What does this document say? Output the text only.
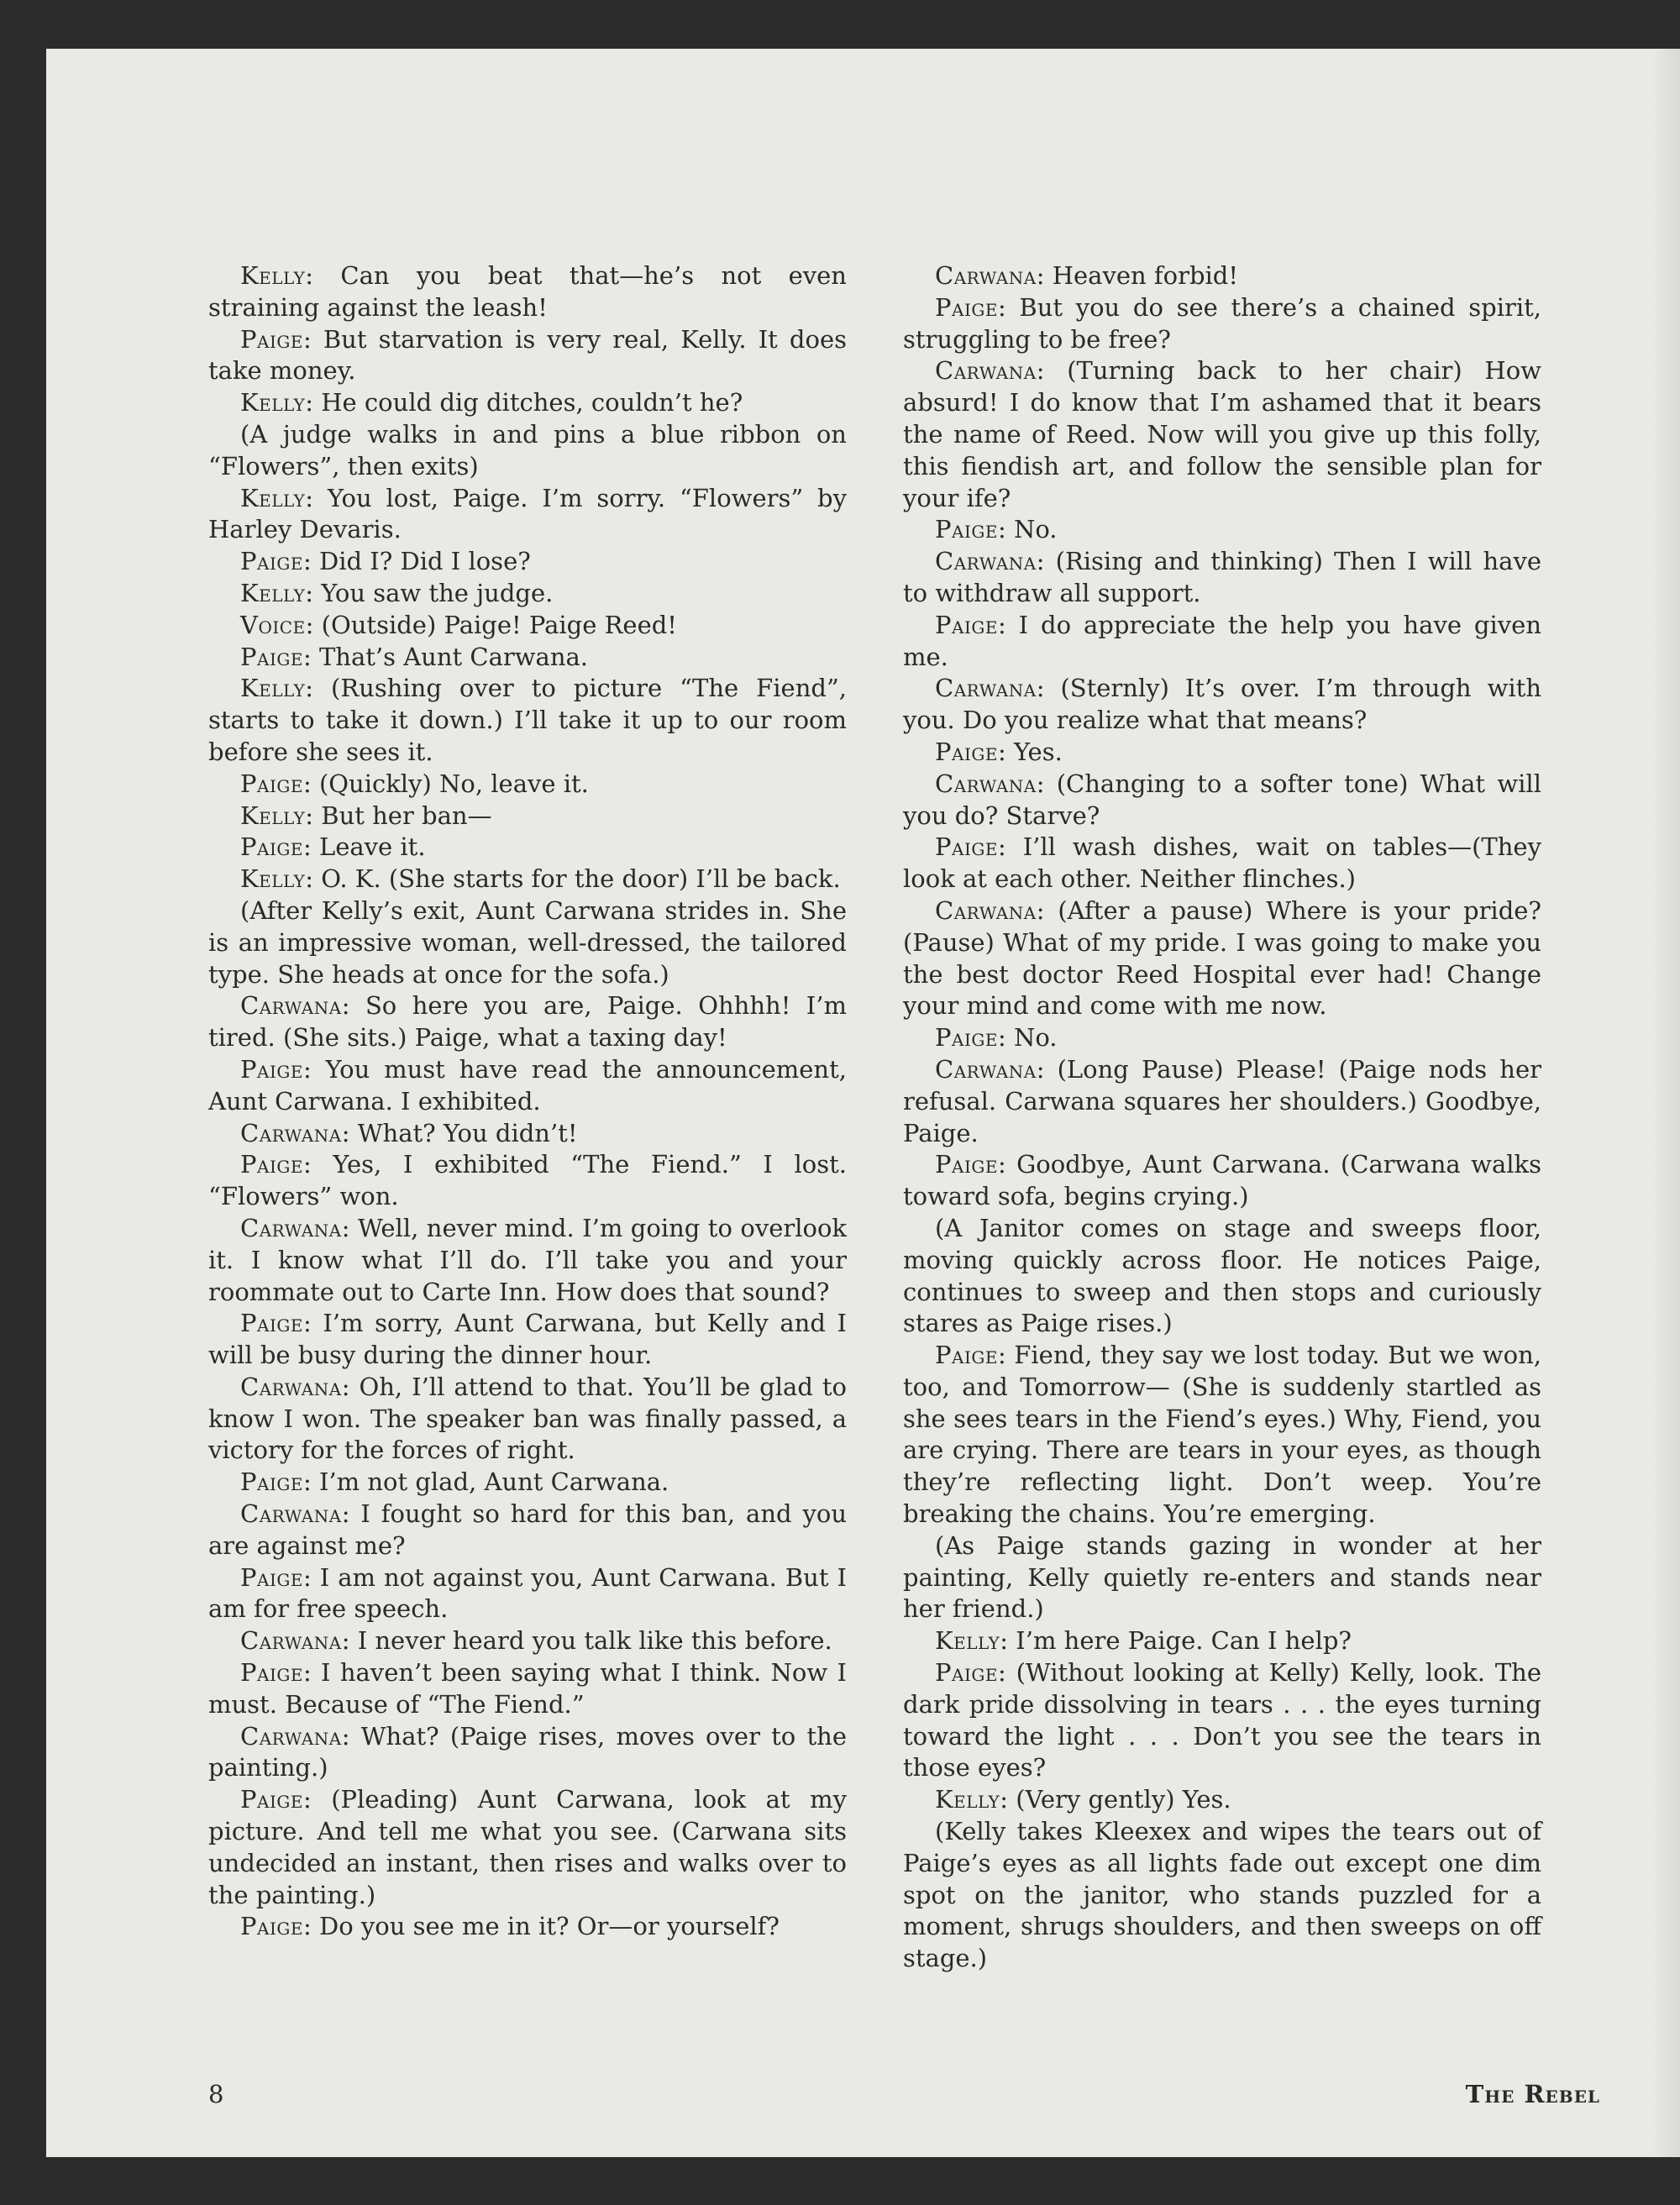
Kelly: Can you beat that—he’s not even straining against the leash!

Paige: But starvation is very real, Kelly. It does take money.

Kelly: He could dig ditches, couldn’t he?

(A judge walks in and pins a blue ribbon on “Flowers”, then exits)

Kelly: You lost, Paige. I’m sorry. “Flowers” by Harley Devaris.

Paige: Did I? Did I lose?

Kelly: You saw the judge.

Voice: (Outside) Paige! Paige Reed!

Paige: That’s Aunt Carwana.

Kelly: (Rushing over to picture “The Fiend”, starts to take it down.) I’ll take it up to our room before she sees it.

Paige: (Quickly) No, leave it.

Kelly: But her ban—

Paige: Leave it.

Kelly: O. K. (She starts for the door) I’ll be back.

(After Kelly’s exit, Aunt Carwana strides in. She is an impressive woman, well-dressed, the tailored type. She heads at once for the sofa.)

Carwana: So here you are, Paige. Ohhhh! I’m tired. (She sits.) Paige, what a taxing day!

Paige: You must have read the announcement, Aunt Carwana. I exhibited.

Carwana: What? You didn’t!

Paige: Yes, I exhibited “The Fiend.” I lost. “Flowers” won.

Carwana: Well, never mind. I’m going to overlook it. I know what I’ll do. I’ll take you and your roommate out to Carte Inn. How does that sound?

Paige: I’m sorry, Aunt Carwana, but Kelly and I will be busy during the dinner hour.

Carwana: Oh, I’ll attend to that. You’ll be glad to know I won. The speaker ban was finally passed, a victory for the forces of right.

Paige: I’m not glad, Aunt Carwana.

Carwana: I fought so hard for this ban, and you are against me?

Paige: I am not against you, Aunt Carwana. But I am for free speech.

Carwana: I never heard you talk like this before.

Paige: I haven’t been saying what I think. Now I must. Because of “The Fiend.”

Carwana: What? (Paige rises, moves over to the painting.)

Paige: (Pleading) Aunt Carwana, look at my picture. And tell me what you see. (Carwana sits undecided an instant, then rises and walks over to the painting.)

Paige: Do you see me in it? Or—or yourself?

Carwana: Heaven forbid!

Paige: But you do see there’s a chained spirit, struggling to be free?

Carwana: (Turning back to her chair) How absurd! I do know that I’m ashamed that it bears the name of Reed. Now will you give up this folly, this fiendish art, and follow the sensible plan for your ife?

Paige: No.

Carwana: (Rising and thinking) Then I will have to withdraw all support.

Paige: I do appreciate the help you have given me.

Carwana: (Sternly) It’s over. I’m through with you. Do you realize what that means?

Paige: Yes.

Carwana: (Changing to a softer tone) What will you do? Starve?

Paige: I’ll wash dishes, wait on tables—(They look at each other. Neither flinches.)

Carwana: (After a pause) Where is your pride? (Pause) What of my pride. I was going to make you the best doctor Reed Hospital ever had! Change your mind and come with me now.

Paige: No.

Carwana: (Long Pause) Please! (Paige nods her refusal. Carwana squares her shoulders.) Goodbye, Paige.

Paige: Goodbye, Aunt Carwana. (Carwana walks toward sofa, begins crying.)

(A Janitor comes on stage and sweeps floor, moving quickly across floor. He notices Paige, continues to sweep and then stops and curiously stares as Paige rises.)

Paige: Fiend, they say we lost today. But we won, too, and Tomorrow— (She is suddenly startled as she sees tears in the Fiend’s eyes.) Why, Fiend, you are crying. There are tears in your eyes, as though they’re reflecting light. Don’t weep. You’re breaking the chains. You’re emerging.

(As Paige stands gazing in wonder at her painting, Kelly quietly re-enters and stands near her friend.)

Kelly: I’m here Paige. Can I help?

Paige: (Without looking at Kelly) Kelly, look. The dark pride dissolving in tears . . . the eyes turning toward the light . . . Don’t you see the tears in those eyes?

Kelly: (Very gently) Yes.

(Kelly takes Kleexex and wipes the tears out of Paige’s eyes as all lights fade out except one dim spot on the janitor, who stands puzzled for a moment, shrugs shoulders, and then sweeps on off stage.)

8	The Rebel
